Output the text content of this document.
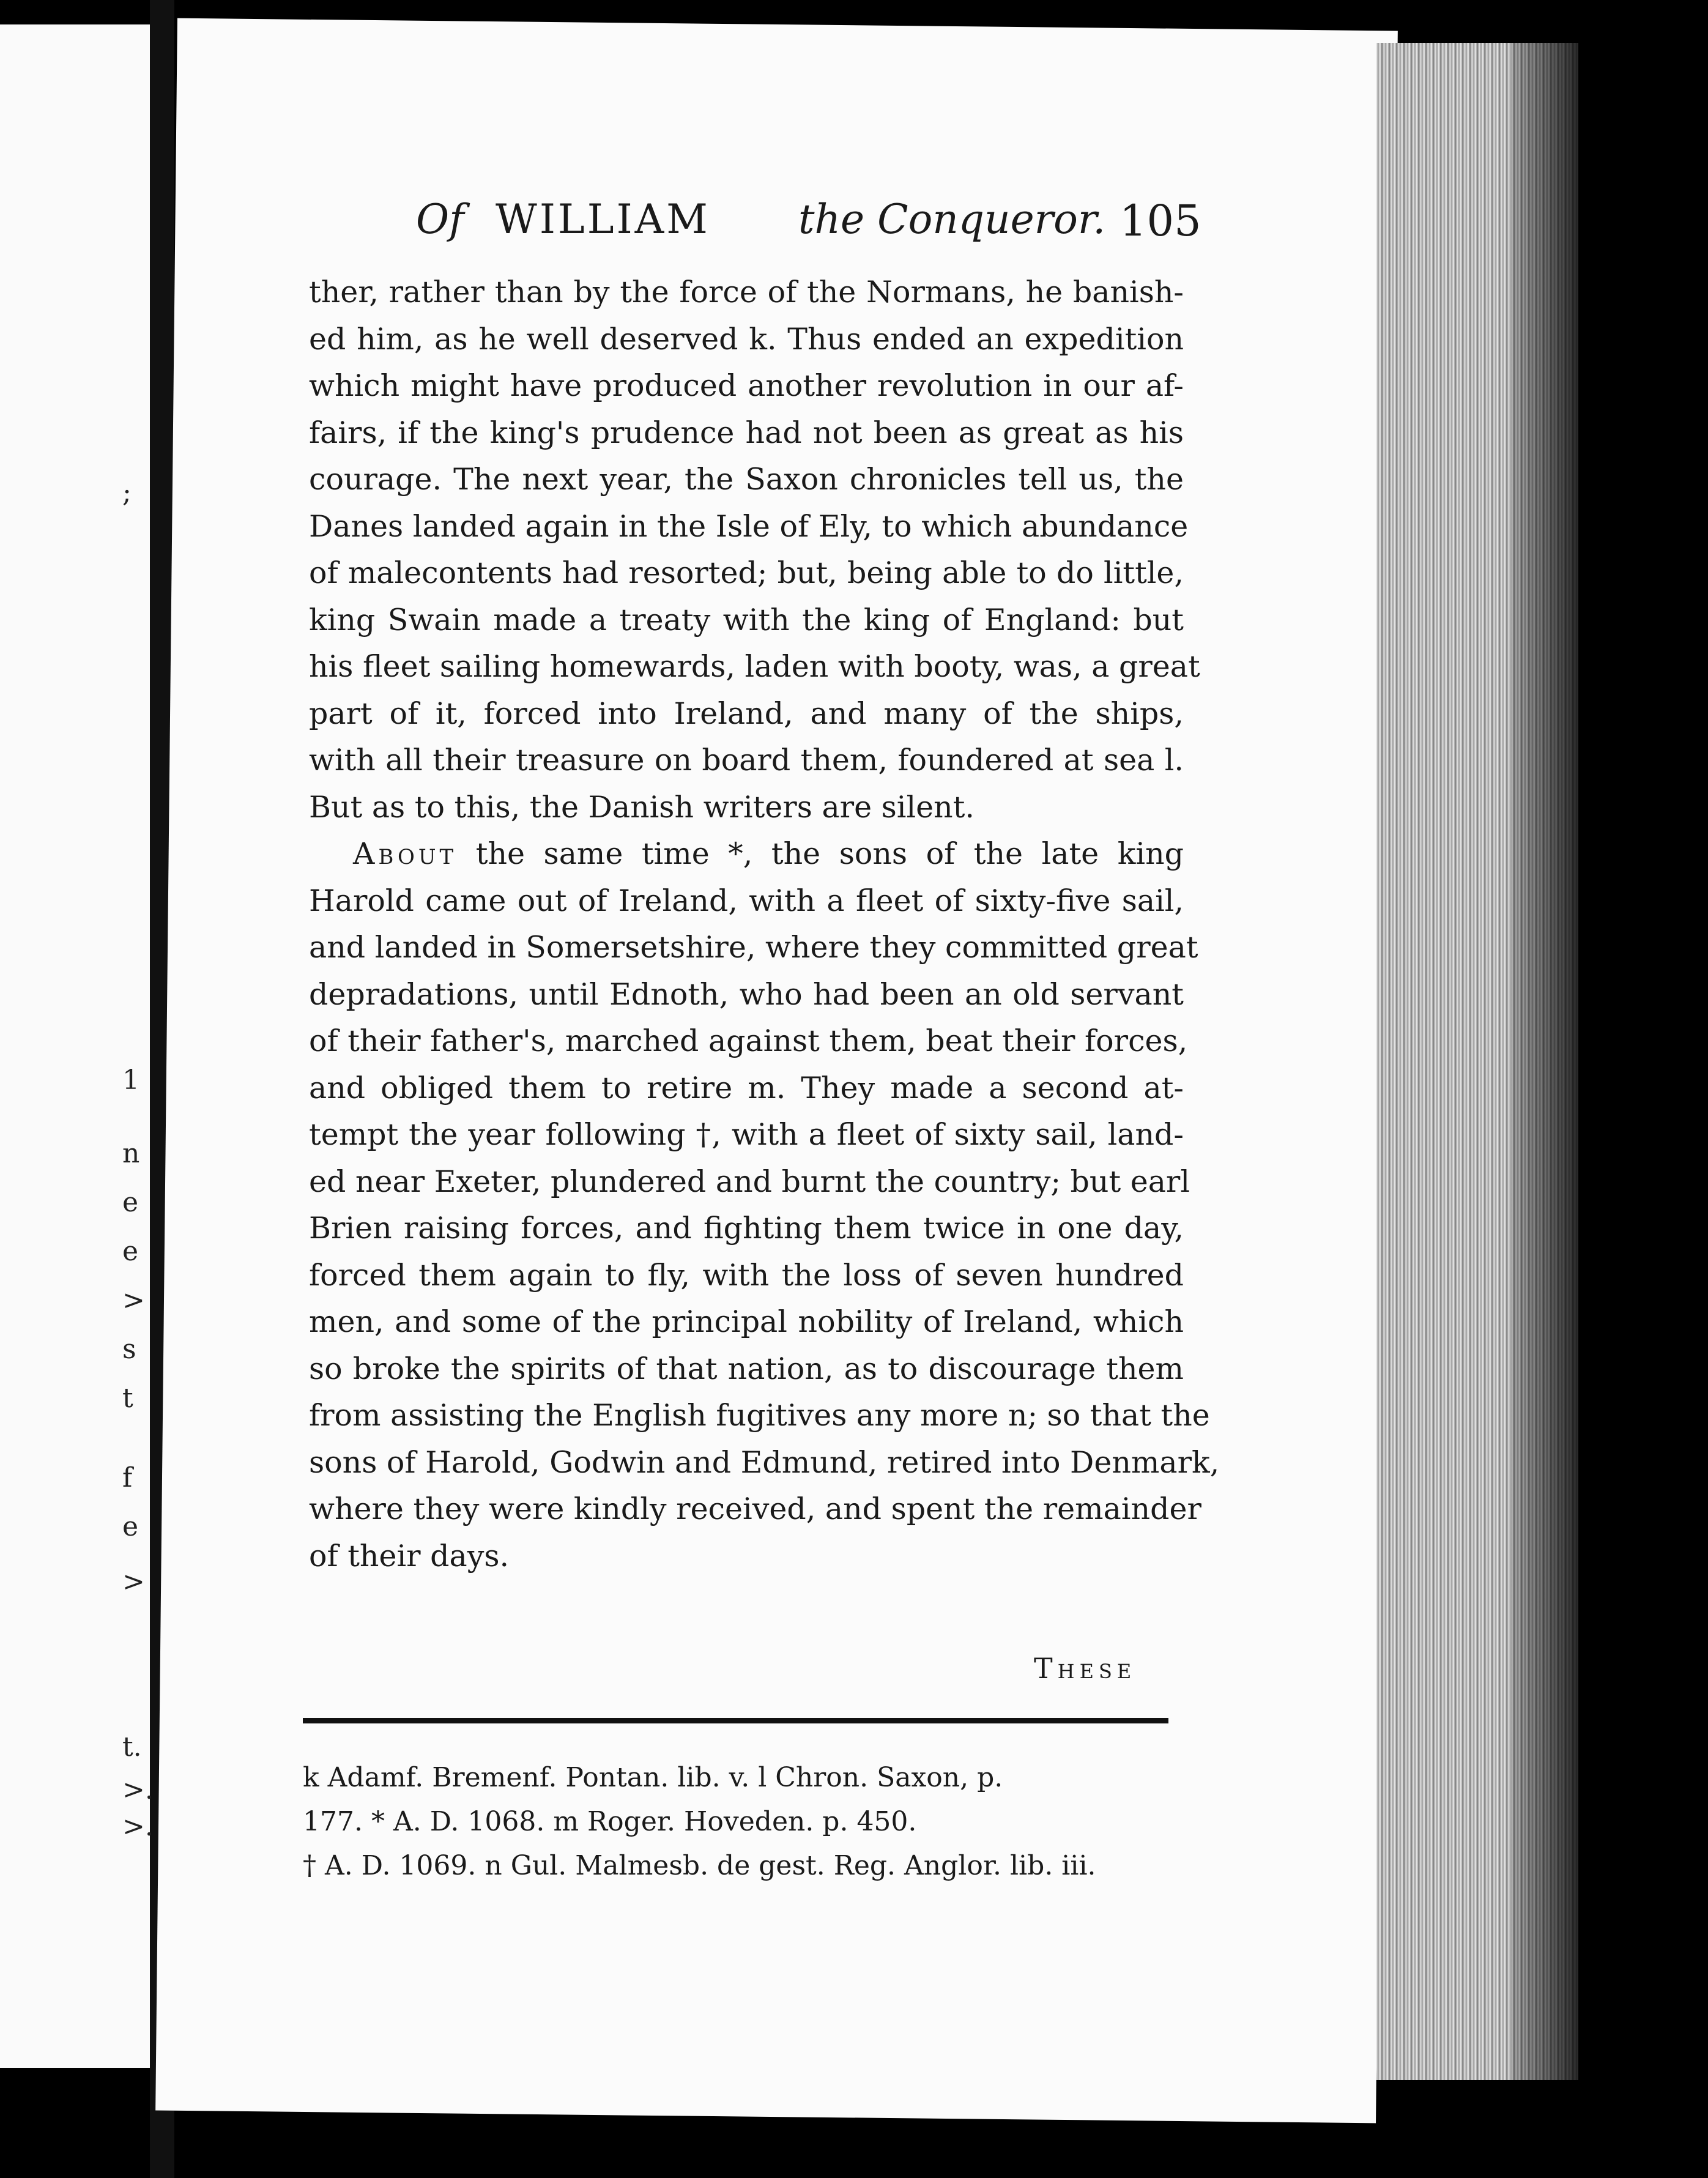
;
1
n
e
e
>
s
t
f
e
>
t.
>.
>.
Of WILLIAM the Conqueror. 105
ther, rather than by the force of the Normans, he banish-
ed him, as he well deserved k. Thus ended an expedition
which might have produced another revolution in our af-
fairs, if the king's prudence had not been as great as his
courage. The next year, the Saxon chronicles tell us, the
Danes landed again in the Isle of Ely, to which abundance
of malecontents had resorted; but, being able to do little,
king Swain made a treaty with the king of England: but
his fleet sailing homewards, laden with booty, was, a great
part of it, forced into Ireland, and many of the ships,
with all their treasure on board them, foundered at sea l.
But as to this, the Danish writers are silent.
About the same time *, the sons of the late king
Harold came out of Ireland, with a fleet of sixty-five sail,
and landed in Somersetshire, where they committed great
depradations, until Ednoth, who had been an old servant
of their father's, marched against them, beat their forces,
and obliged them to retire m. They made a second at-
tempt the year following †, with a fleet of sixty sail, land-
ed near Exeter, plundered and burnt the country; but earl
Brien raising forces, and fighting them twice in one day,
forced them again to fly, with the loss of seven hundred
men, and some of the principal nobility of Ireland, which
so broke the spirits of that nation, as to discourage them
from assisting the English fugitives any more n; so that the
sons of Harold, Godwin and Edmund, retired into Denmark,
where they were kindly received, and spent the remainder
of their days.
These
k Adamf. Bremenf. Pontan. lib. v. l Chron. Saxon, p.
177. * A. D. 1068. m Roger. Hoveden. p. 450.
† A. D. 1069. n Gul. Malmesb. de gest. Reg. Anglor. lib. iii.
